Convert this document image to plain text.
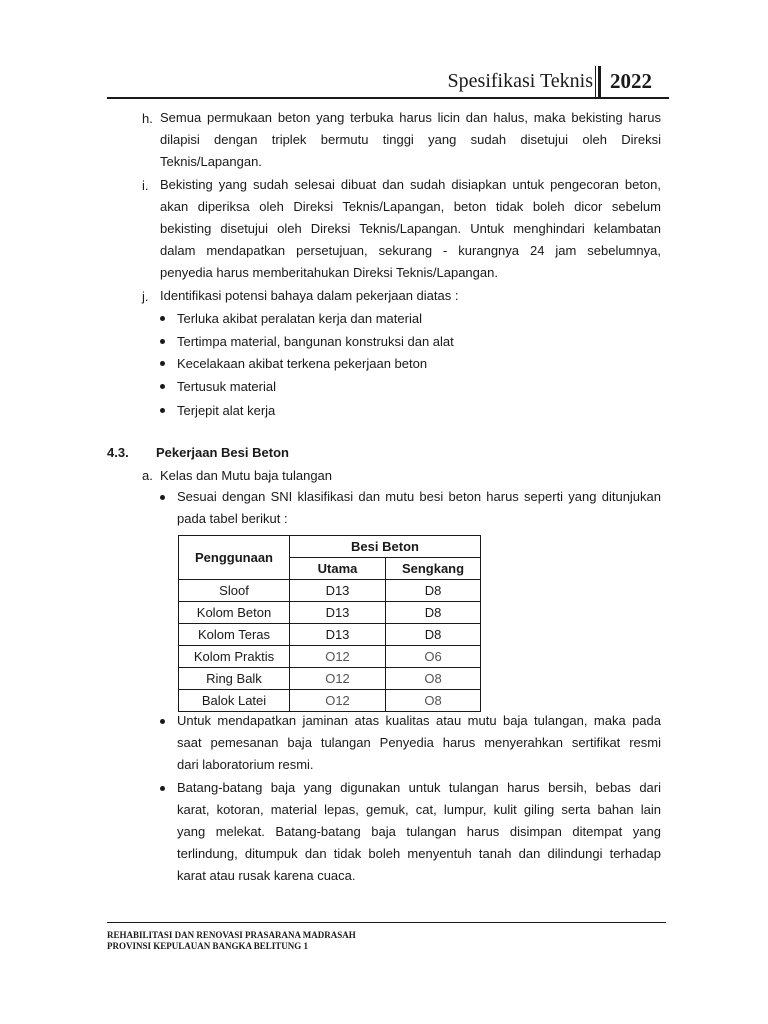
Spesifikasi Teknis 2022
h. Semua permukaan beton yang terbuka harus licin dan halus, maka bekisting harus
dilapisi dengan triplek bermutu tinggi yang sudah disetujui oleh Direksi
Teknis/Lapangan.
i. Bekisting yang sudah selesai dibuat dan sudah disiapkan untuk pengecoran beton,
akan diperiksa oleh Direksi Teknis/Lapangan, beton tidak boleh dicor sebelum
bekisting disetujui oleh Direksi Teknis/Lapangan. Untuk menghindari kelambatan
dalam mendapatkan persetujuan, sekurang - kurangnya 24 jam sebelumnya,
penyedia harus memberitahukan Direksi Teknis/Lapangan.
j. Identifikasi potensi bahaya dalam pekerjaan diatas :
Terluka akibat peralatan kerja dan material
Tertimpa material, bangunan konstruksi dan alat
Kecelakaan akibat terkena pekerjaan beton
Tertusuk material
Terjepit alat kerja
4.3. Pekerjaan Besi Beton
a. Kelas dan Mutu baja tulangan
Sesuai dengan SNI klasifikasi dan mutu besi beton harus seperti yang ditunjukan
pada tabel berikut :
Penggunaan	Besi Beton	
	Utama	Sengkang
Sloof	D13	D8
Kolom Beton	D13	D8
Kolom Teras	D13	D8
Kolom Praktis	Ο12	Ο6
Ring Balk	Ο12	Ο8
Balok Latei	Ο12	Ο8
Untuk mendapatkan jaminan atas kualitas atau mutu baja tulangan, maka pada
saat pemesanan baja tulangan Penyedia harus menyerahkan sertifikat resmi
dari laboratorium resmi.
Batang-batang baja yang digunakan untuk tulangan harus bersih, bebas dari
karat, kotoran, material lepas, gemuk, cat, lumpur, kulit giling serta bahan lain
yang melekat. Batang-batang baja tulangan harus disimpan ditempat yang
terlindung, ditumpuk dan tidak boleh menyentuh tanah dan dilindungi terhadap
karat atau rusak karena cuaca.
REHABILITASI DAN RENOVASI PRASARANA MADRASAH
PROVINSI KEPULAUAN BANGKA BELITUNG 1
